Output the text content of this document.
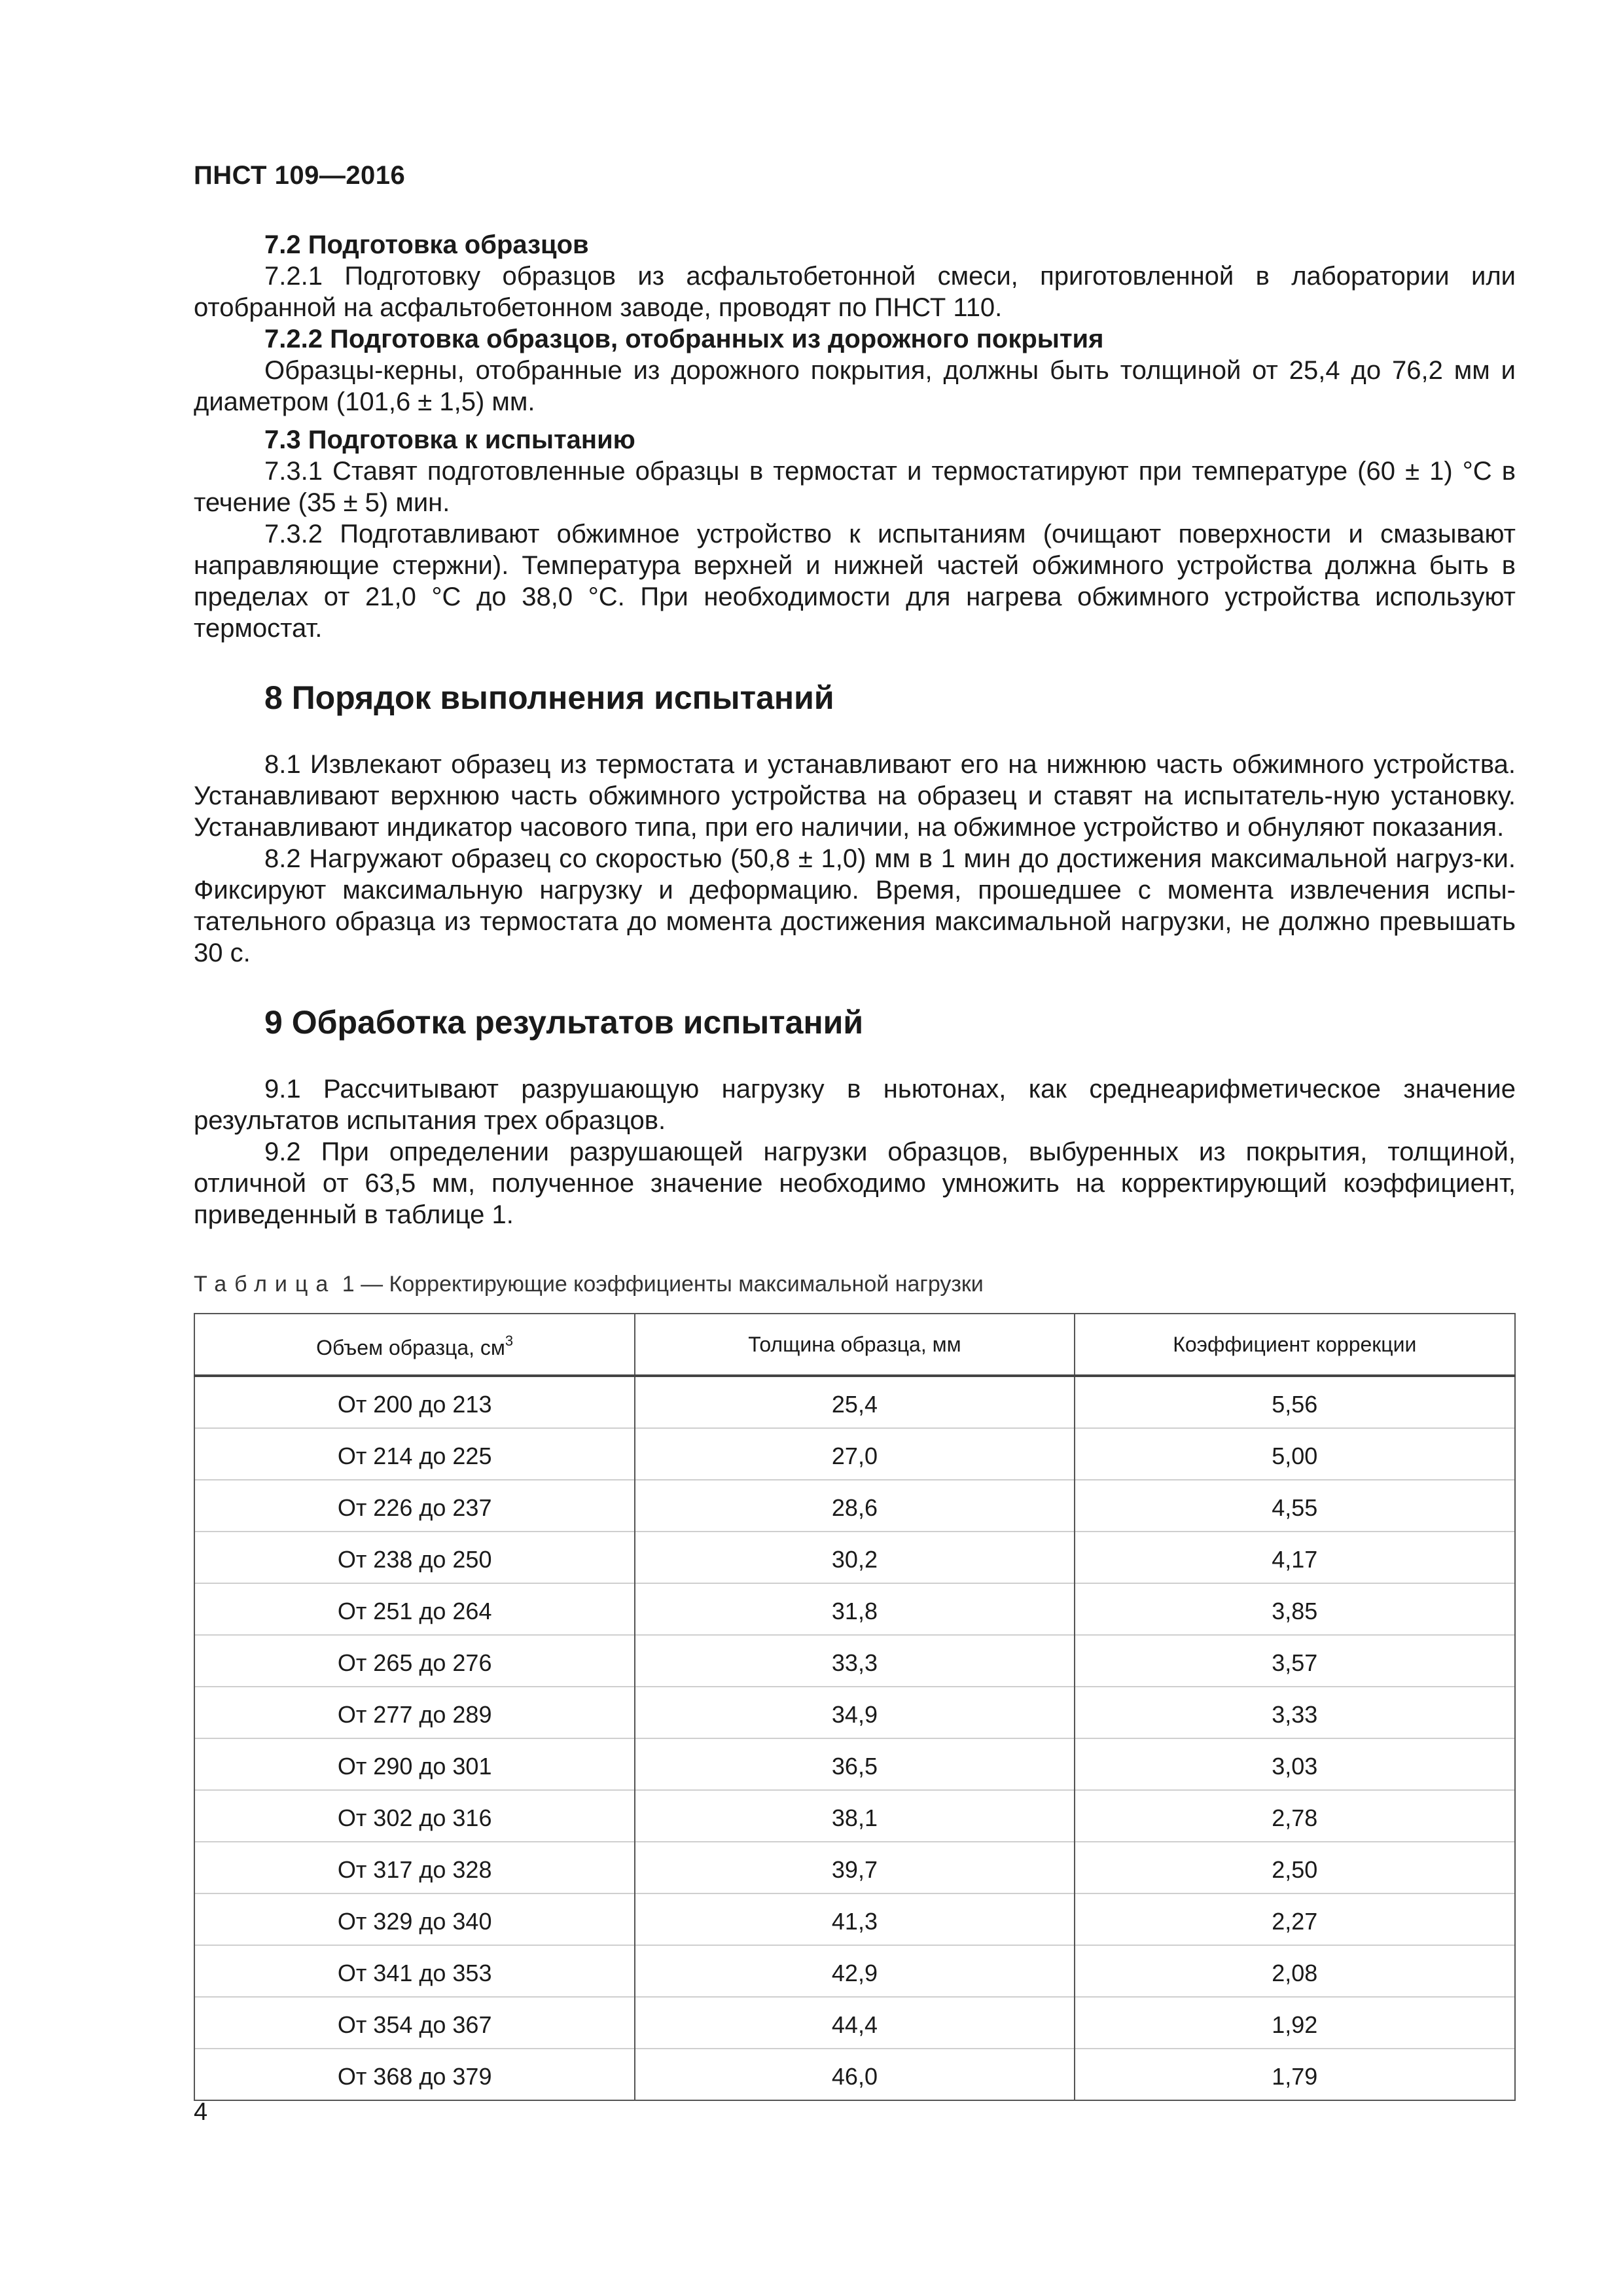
ПНСТ 109—2016
7.2 Подготовка образцов

7.2.1 Подготовку образцов из асфальтобетонной смеси, приготовленной в лаборатории или отобранной на асфальтобетонном заводе, проводят по ПНСТ 110.

7.2.2 Подготовка образцов, отобранных из дорожного покрытия

Образцы-керны, отобранные из дорожного покрытия, должны быть толщиной от 25,4 до 76,2 мм и диаметром (101,6 ± 1,5) мм.

7.3 Подготовка к испытанию

7.3.1 Ставят подготовленные образцы в термостат и термостатируют при температуре (60 ± 1) °С в течение (35 ± 5) мин.

7.3.2 Подготавливают обжимное устройство к испытаниям (очищают поверхности и смазывают направляющие стержни). Температура верхней и нижней частей обжимного устройства должна быть в пределах от 21,0 °С до 38,0 °С. При необходимости для нагрева обжимного устройства используют термостат.

8 Порядок выполнения испытаний

8.1 Извлекают образец из термостата и устанавливают его на нижнюю часть обжимного устройства. Устанавливают верхнюю часть обжимного устройства на образец и ставят на испытатель-ную установку. Устанавливают индикатор часового типа, при его наличии, на обжимное устройство и обнуляют показания.

8.2 Нагружают образец со скоростью (50,8 ± 1,0) мм в 1 мин до достижения максимальной нагруз-ки. Фиксируют максимальную нагрузку и деформацию. Время, прошедшее с момента извлечения испы-тательного образца из термостата до момента достижения максимальной нагрузки, не должно превышать 30 с.

9 Обработка результатов испытаний

9.1 Рассчитывают разрушающую нагрузку в ньютонах, как среднеарифметическое значение результатов испытания трех образцов.

9.2 При определении разрушающей нагрузки образцов, выбуренных из покрытия, толщиной, отличной от 63,5 мм, полученное значение необходимо умножить на корректирующий коэффициент, приведенный в таблице 1.

Таблица 1 — Корректирующие коэффициенты максимальной нагрузки
Объем образца, $см^3$	Толщина образца, мм	Коэффициент коррекции
От 200 до 213	25,4	5,56
От 214 до 225	27,0	5,00
От 226 до 237	28,6	4,55
От 238 до 250	30,2	4,17
От 251 до 264	31,8	3,85
От 265 до 276	33,3	3,57
От 277 до 289	34,9	3,33
От 290 до 301	36,5	3,03
От 302 до 316	38,1	2,78
От 317 до 328	39,7	2,50
От 329 до 340	41,3	2,27
От 341 до 353	42,9	2,08
От 354 до 367	44,4	1,92
От 368 до 379	46,0	1,79
4
